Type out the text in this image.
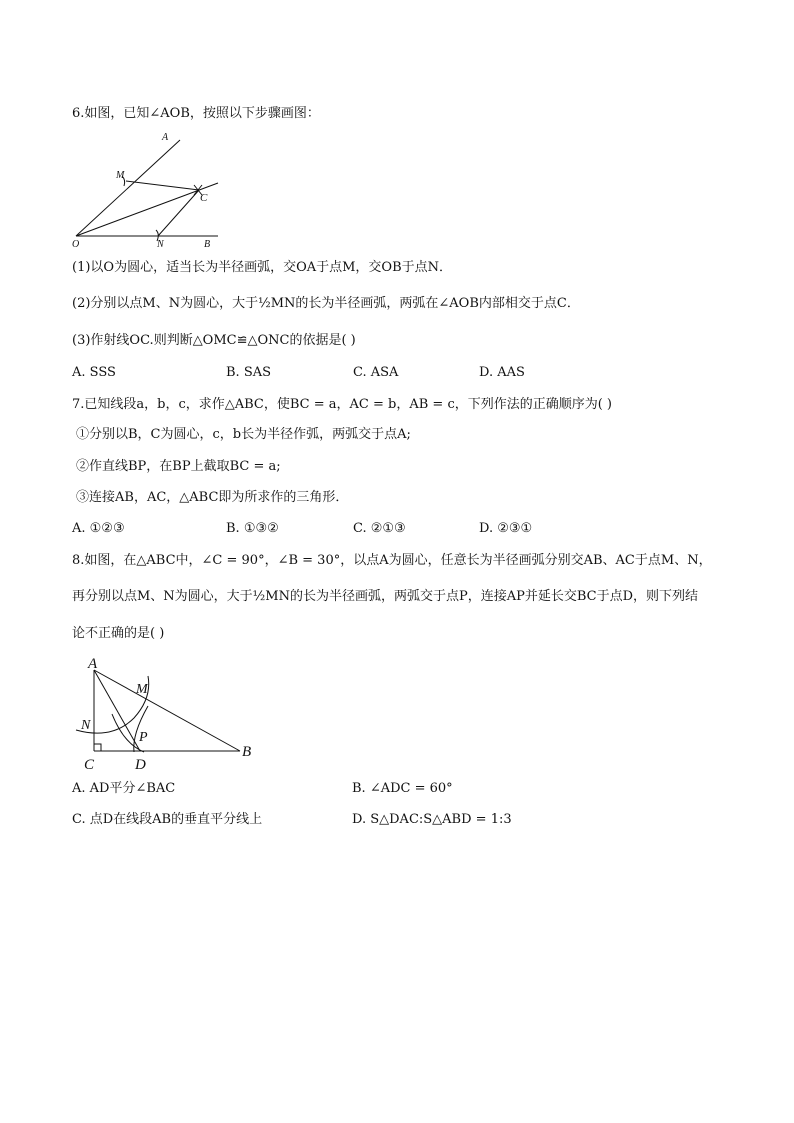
6.如图，已知∠AOB，按照以下步骤画图：
A
M
C
O	N	B
(1)以O为圆心，适当长为半径画弧，交OA于点M，交OB于点N．
(2)分别以点M、N为圆心，大于½MN的长为半径画弧，两弧在∠AOB内部相交于点C．
(3)作射线OC.则判断△OMC≌△ONC的依据是( )
A. SSS	B. SAS	C. ASA	D. AAS
7.已知线段a，b，c，求作△ABC，使BC = a，AC = b，AB = c，下列作法的正确顺序为( )
①分别以B，C为圆心，c，b长为半径作弧，两弧交于点A;
②作直线BP，在BP上截取BC = a;
③连接AB，AC，△ABC即为所求作的三角形．
A. ①②③	B. ①③②	C. ②①③	D. ②③①
8.如图，在△ABC中，∠C = 90°，∠B = 30°，以点A为圆心，任意长为半径画弧分别交AB、AC于点M、N，
再分别以点M、N为圆心，大于½MN的长为半径画弧，两弧交于点P，连接AP并延长交BC于点D，则下列结
论不正确的是( )
A
M
N
P
C	D
B
A. AD平分∠BAC	B. ∠ADC = 60°
C. 点D在线段AB的垂直平分线上	D. S△DAC:S△ABD = 1:3
